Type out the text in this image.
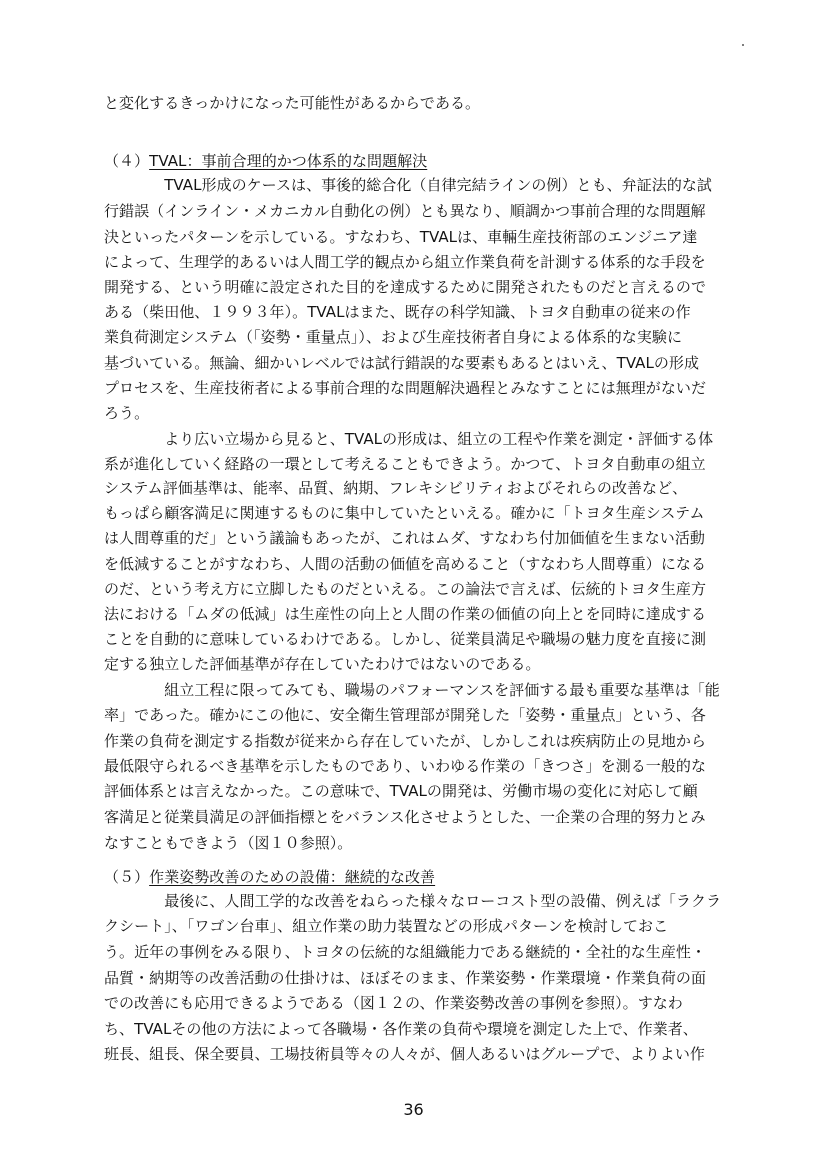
と変化するきっかけになった可能性があるからである。
（４）TVAL：事前合理的かつ体系的な問題解決
　　　　TVAL形成のケースは、事後的総合化（自律完結ラインの例）とも、弁証法的な試
行錯誤（インライン・メカニカル自動化の例）とも異なり、順調かつ事前合理的な問題解
決といったパターンを示している。すなわち、TVALは、車輛生産技術部のエンジニア達
によって、生理学的あるいは人間工学的観点から組立作業負荷を計測する体系的な手段を
開発する、という明確に設定された目的を達成するために開発されたものだと言えるので
ある（柴田他、１９９３年）。TVALはまた、既存の科学知識、トヨタ自動車の従来の作
業負荷測定システム（「姿勢・重量点」）、および生産技術者自身による体系的な実験に
基づいている。無論、細かいレベルでは試行錯誤的な要素もあるとはいえ、TVALの形成
プロセスを、生産技術者による事前合理的な問題解決過程とみなすことには無理がないだ
ろう。
　　　　より広い立場から見ると、TVALの形成は、組立の工程や作業を測定・評価する体
系が進化していく経路の一環として考えることもできよう。かつて、トヨタ自動車の組立
システム評価基準は、能率、品質、納期、フレキシビリティおよびそれらの改善など、
もっぱら顧客満足に関連するものに集中していたといえる。確かに「トヨタ生産システム
は人間尊重的だ」という議論もあったが、これはムダ、すなわち付加価値を生まない活動
を低減することがすなわち、人間の活動の価値を高めること（すなわち人間尊重）になる
のだ、という考え方に立脚したものだといえる。この論法で言えば、伝統的トヨタ生産方
法における「ムダの低減」は生産性の向上と人間の作業の価値の向上とを同時に達成する
ことを自動的に意味しているわけである。しかし、従業員満足や職場の魅力度を直接に測
定する独立した評価基準が存在していたわけではないのである。
　　　　組立工程に限ってみても、職場のパフォーマンスを評価する最も重要な基準は「能
率」であった。確かにこの他に、安全衛生管理部が開発した「姿勢・重量点」という、各
作業の負荷を測定する指数が従来から存在していたが、しかしこれは疾病防止の見地から
最低限守られるべき基準を示したものであり、いわゆる作業の「きつさ」を測る一般的な
評価体系とは言えなかった。この意味で、TVALの開発は、労働市場の変化に対応して顧
客満足と従業員満足の評価指標とをバランス化させようとした、一企業の合理的努力とみ
なすこともできよう（図１０参照）。
（５）作業姿勢改善のための設備：継続的な改善
　　　　最後に、人間工学的な改善をねらった様々なローコスト型の設備、例えば「ラクラ
クシート」、「ワゴン台車」、組立作業の助力装置などの形成パターンを検討しておこ
う。近年の事例をみる限り、トヨタの伝統的な組織能力である継続的・全社的な生産性・
品質・納期等の改善活動の仕掛けは、ほぼそのまま、作業姿勢・作業環境・作業負荷の面
での改善にも応用できるようである（図１２の、作業姿勢改善の事例を参照）。すなわ
ち、TVALその他の方法によって各職場・各作業の負荷や環境を測定した上で、作業者、
班長、組長、保全要員、工場技術員等々の人々が、個人あるいはグループで、よりよい作
36
